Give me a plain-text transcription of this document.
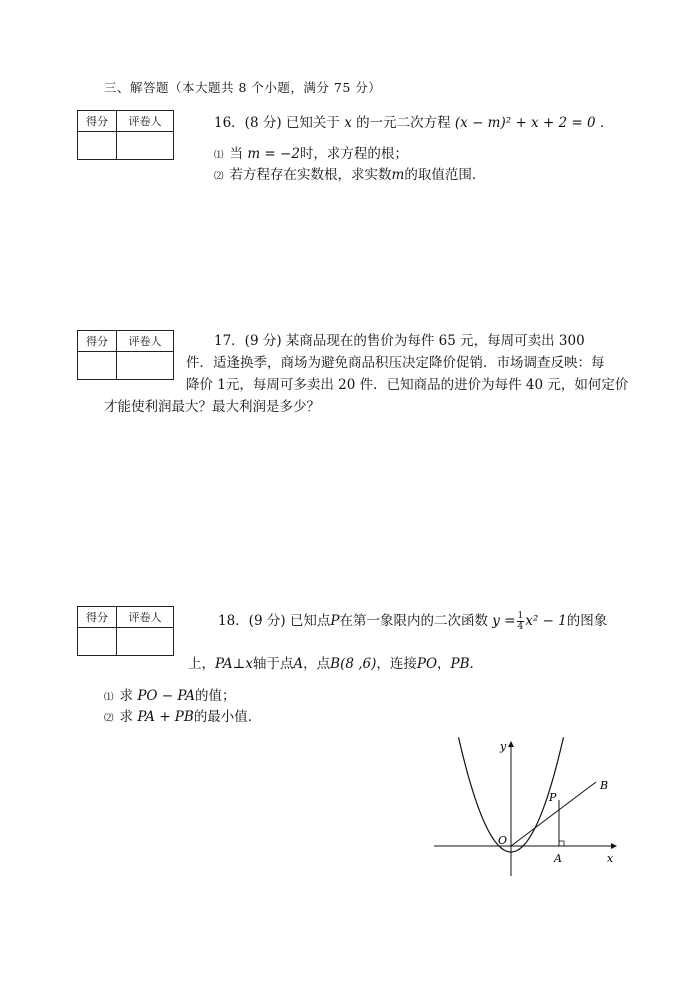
三、解答题（本大题共 8 个小题，满分 75 分）
得分	评卷人

得分	评卷人

得分	评卷人

16．(8 分) 已知关于 x 的一元二次方程 (x − m)² + x + 2 = 0 ．
⑴ 当 m = −2时，求方程的根；
⑵ 若方程存在实数根，求实数m的取值范围．
17．(9 分) 某商品现在的售价为每件 65 元，每周可卖出 300
件．适逢换季，商场为避免商品积压决定降价促销．市场调查反映：每
降价 1元，每周可多卖出 20 件．已知商品的进价为每件 40 元，如何定价
才能使利润最大？最大利润是多少？
18．(9 分) 已知点P在第一象限内的二次函数 $y = \frac{1}{4} x^2 - 1$的图象
上，PA⊥x轴于点A，点B(8 ,6)，连接PO，PB．
⑴ 求 PO − PA的值；
⑵ 求 PA + PB的最小值．
y
x
O
P
B
A
